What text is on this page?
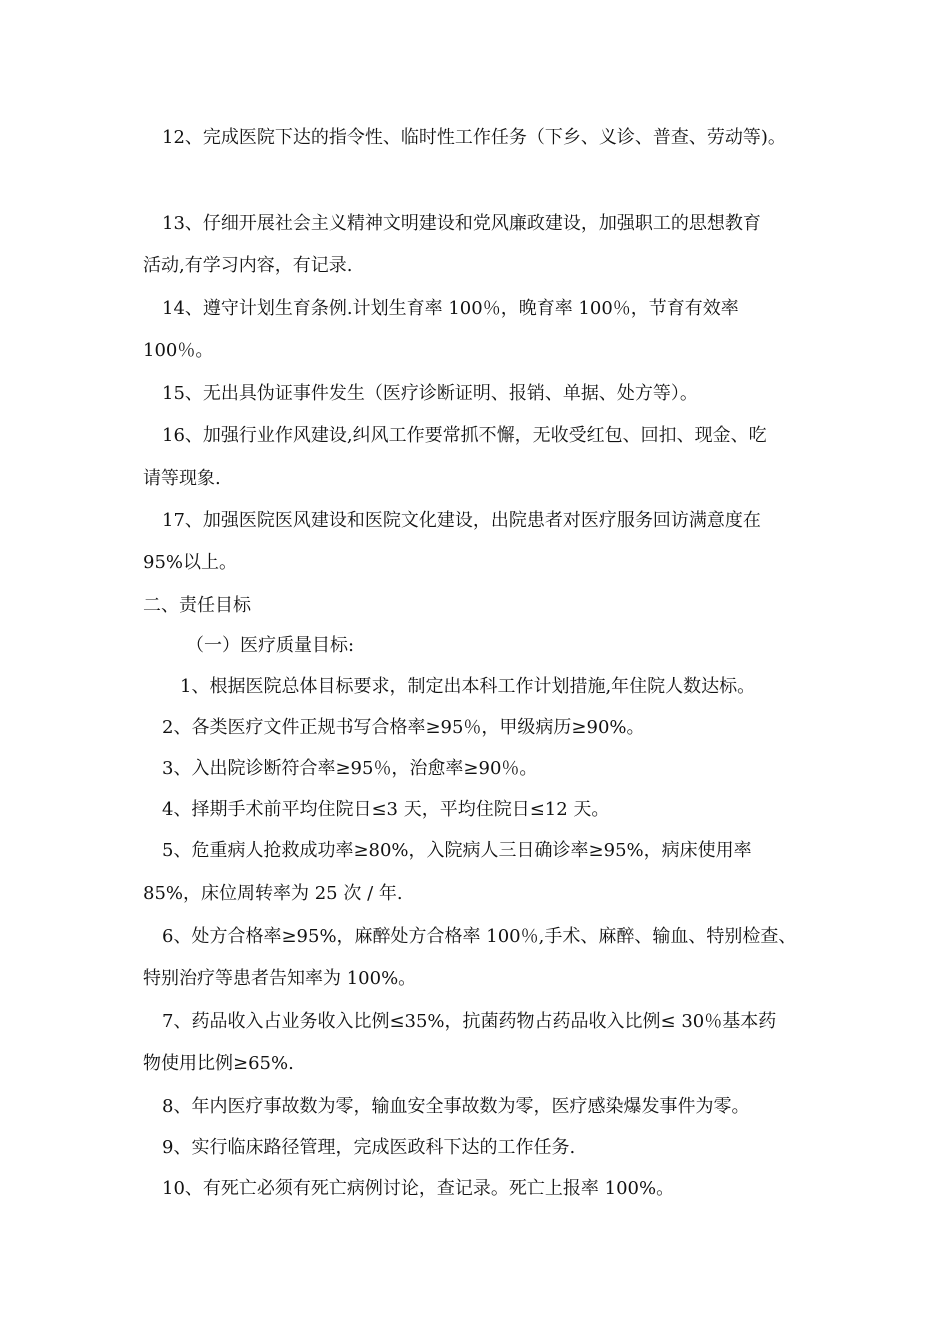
12、完成医院下达的指令性、临时性工作任务（下乡、义诊、普查、劳动等)。
13、仔细开展社会主义精神文明建设和党风廉政建设，加强职工的思想教育
活动,有学习内容，有记录.
14、遵守计划生育条例.计划生育率 100％，晚育率 100％，节育有效率
100％。
15、无出具伪证事件发生（医疗诊断证明、报销、单据、处方等）。
16、加强行业作风建设,纠风工作要常抓不懈，无收受红包、回扣、现金、吃
请等现象.
17、加强医院医风建设和医院文化建设，出院患者对医疗服务回访满意度在
95%以上。
二、责任目标
（一）医疗质量目标:
1、根据医院总体目标要求，制定出本科工作计划措施,年住院人数达标。
2、各类医疗文件正规书写合格率≥95％，甲级病历≥90%。
3、入出院诊断符合率≥95％，治愈率≥90％。
4、择期手术前平均住院日≤3 天，平均住院日≤12 天。
5、危重病人抢救成功率≥80%，入院病人三日确诊率≥95%，病床使用率
85%，床位周转率为 25 次 / 年.
6、处方合格率≥95%，麻醉处方合格率 100％,手术、麻醉、输血、特别检查、
特别治疗等患者告知率为 100%。
7、药品收入占业务收入比例≤35%，抗菌药物占药品收入比例≤ 30％基本药
物使用比例≥65%.
8、年内医疗事故数为零，输血安全事故数为零，医疗感染爆发事件为零。
9、实行临床路径管理，完成医政科下达的工作任务.
10、有死亡必须有死亡病例讨论，查记录。死亡上报率 100%。
